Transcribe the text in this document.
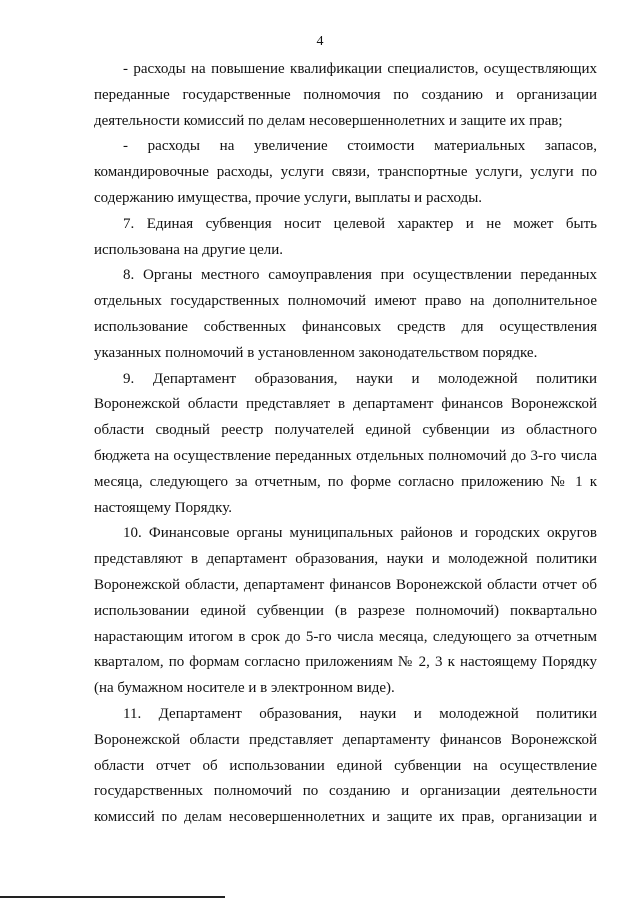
4

- расходы на повышение квалификации специалистов, осуществляющих переданные государственные полномочия по созданию и организации деятельности комиссий по делам несовершеннолетних и защите их прав;

- расходы на увеличение стоимости материальных запасов, командировочные расходы, услуги связи, транспортные услуги, услуги по содержанию имущества, прочие услуги, выплаты и расходы.

7. Единая субвенция носит целевой характер и не может быть использована на другие цели.

8. Органы местного самоуправления при осуществлении переданных отдельных государственных полномочий имеют право на дополнительное использование собственных финансовых средств для осуществления указанных полномочий в установленном законодательством порядке.

9. Департамент образования, науки и молодежной политики Воронежской области представляет в департамент финансов Воронежской области сводный реестр получателей единой субвенции из областного бюджета на осуществление переданных отдельных полномочий до 3-го числа месяца, следующего за отчетным, по форме согласно приложению № 1 к настоящему Порядку.

10. Финансовые органы муниципальных районов и городских округов представляют в департамент образования, науки и молодежной политики Воронежской области, департамент финансов Воронежской области отчет об использовании единой субвенции (в разрезе полномочий) поквартально нарастающим итогом в срок до 5-го числа месяца, следующего за отчетным кварталом, по формам согласно приложениям № 2, 3 к настоящему Порядку (на бумажном носителе и в электронном виде).

11. Департамент образования, науки и молодежной политики Воронежской области представляет департаменту финансов Воронежской области отчет об использовании единой субвенции на осуществление государственных полномочий по созданию и организации деятельности комиссий по делам несовершеннолетних и защите их прав, организации и
